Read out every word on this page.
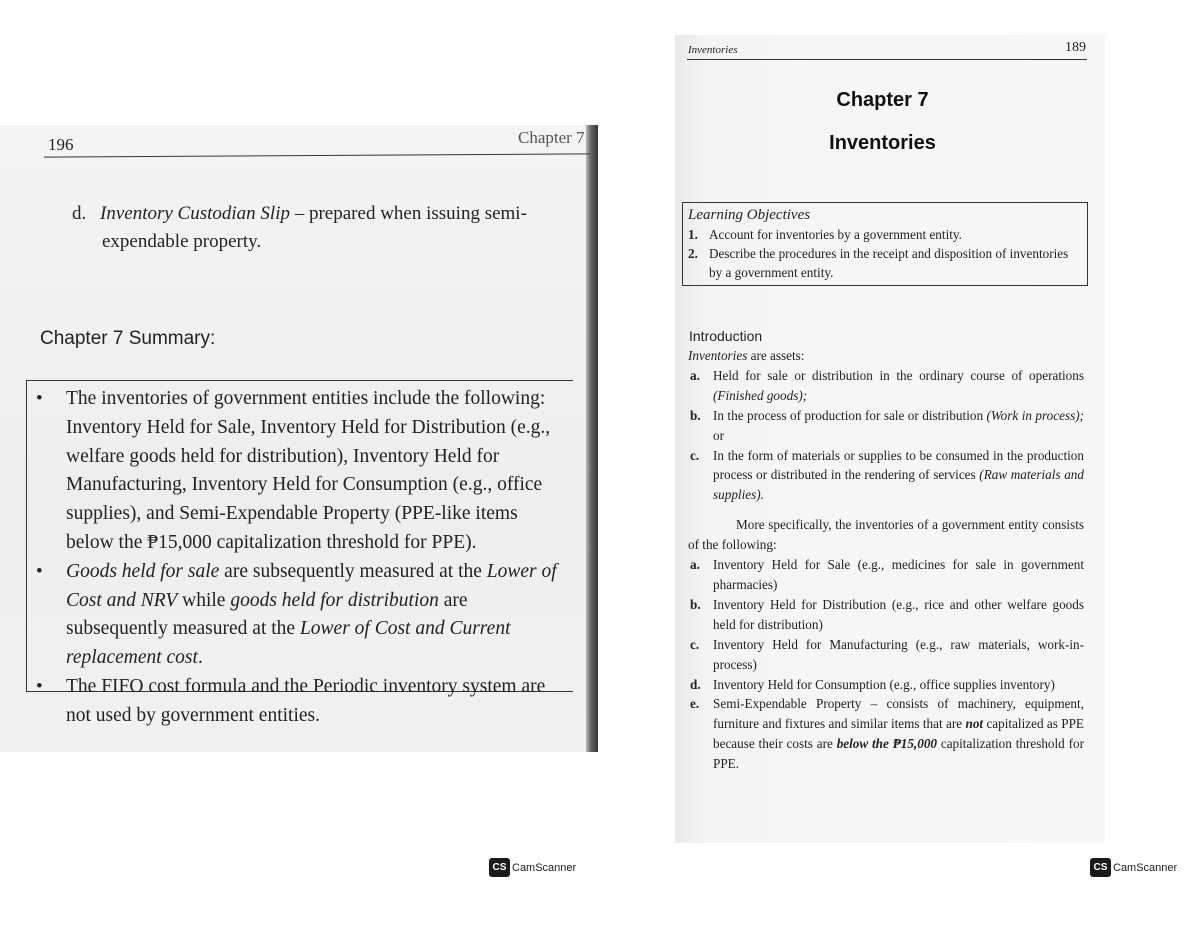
196	Chapter 7
d. Inventory Custodian Slip – prepared when issuing semi-
expendable property.
Chapter 7 Summary:
• The inventories of government entities include the following: Inventory Held for Sale, Inventory Held for Distribution (e.g., welfare goods held for distribution), Inventory Held for Manufacturing, Inventory Held for Consumption (e.g., office supplies), and Semi-Expendable Property (PPE-like items below the ₱15,000 capitalization threshold for PPE).
• Goods held for sale are subsequently measured at the Lower of Cost and NRV while goods held for distribution are subsequently measured at the Lower of Cost and Current replacement cost.
• The FIFO cost formula and the Periodic inventory system are not used by government entities.
Inventories	189
Chapter 7
Inventories
Learning Objectives
1. Account for inventories by a government entity.
2. Describe the procedures in the receipt and disposition of inventories by a government entity.
Introduction
Inventories are assets:
a. Held for sale or distribution in the ordinary course of operations (Finished goods);
b. In the process of production for sale or distribution (Work in process); or
c. In the form of materials or supplies to be consumed in the production process or distributed in the rendering of services (Raw materials and supplies).
More specifically, the inventories of a government entity consists of the following:
a. Inventory Held for Sale (e.g., medicines for sale in government pharmacies)
b. Inventory Held for Distribution (e.g., rice and other welfare goods held for distribution)
c. Inventory Held for Manufacturing (e.g., raw materials, work-in-process)
d. Inventory Held for Consumption (e.g., office supplies inventory)
e. Semi-Expendable Property – consists of machinery, equipment, furniture and fixtures and similar items that are not capitalized as PPE because their costs are below the ₱15,000 capitalization threshold for PPE.
CS CamScanner	CS CamScanner
